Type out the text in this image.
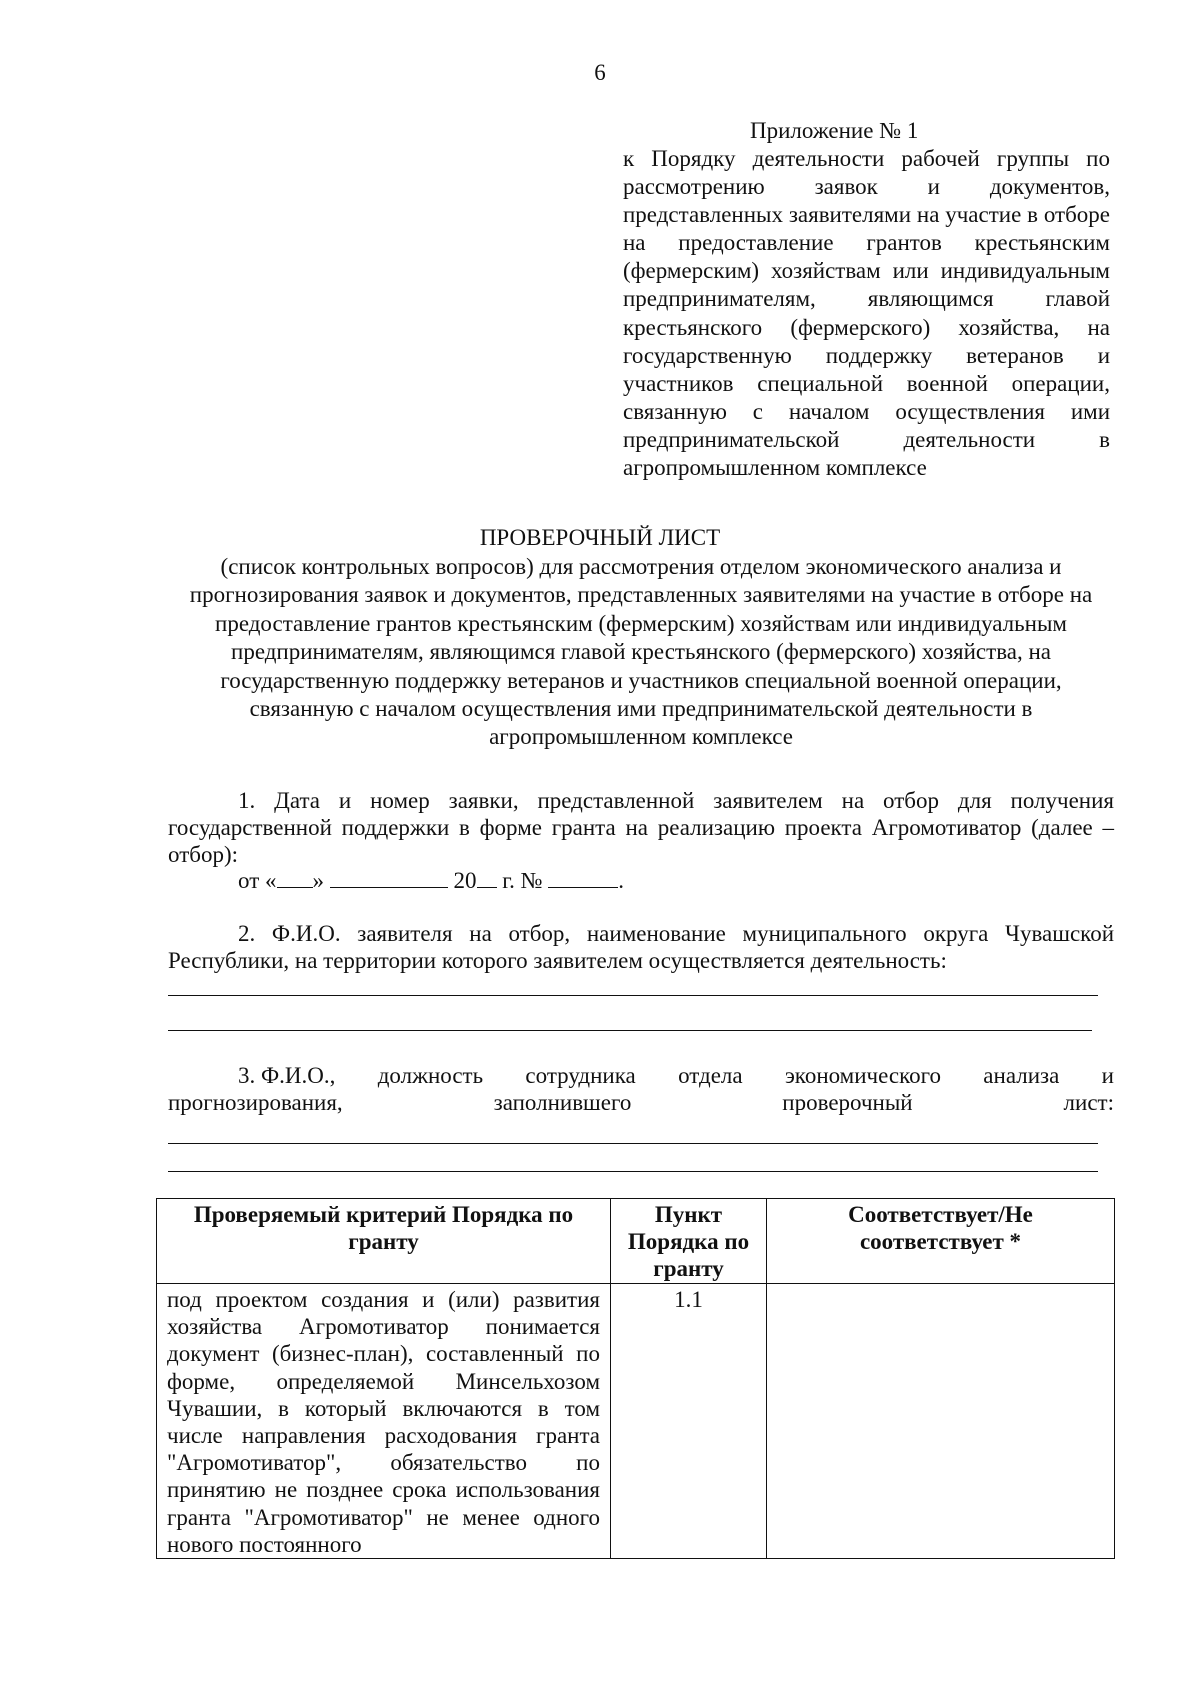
6
Приложение № 1
к Порядку деятельности рабочей группы по рассмотрению заявок и документов, представленных заявителями на участие в отборе на предоставление грантов крестьянским (фермерским) хозяйствам или индивидуальным предпринимателям, являющимся главой крестьянского (фермерского) хозяйства, на государственную поддержку ветеранов и участников специальной военной операции, связанную с началом осуществления ими предпринимательской деятельности в агропромышленном комплексе
ПРОВЕРОЧНЫЙ ЛИСТ
(список контрольных вопросов) для рассмотрения отделом экономического анализа и прогнозирования заявок и документов, представленных заявителями на участие в отборе на предоставление грантов крестьянским (фермерским) хозяйствам или индивидуальным предпринимателям, являющимся главой крестьянского (фермерского) хозяйства, на государственную поддержку ветеранов и участников специальной военной операции, связанную с началом осуществления ими предпринимательской деятельности в агропромышленном комплексе
1. Дата и номер заявки, представленной заявителем на отбор для получения государственной поддержки в форме гранта на реализацию проекта Агромотиватор (далее – отбор):
от « »	20 г. №	.
2. Ф.И.О. заявителя на отбор, наименование муниципального округа Чувашской Республики, на территории которого заявителем осуществляется деятельность:
3. Ф.И.О., должность сотрудника отдела экономического анализа и
прогнозирования,	заполнившего	проверочный	лист:
Проверяемый критерий Порядка по гранту	Пункт Порядка по гранту	Соответствует/Не соответствует *
под проектом создания и (или) развития хозяйства Агромотиватор понимается документ (бизнес-план), составленный по форме, определяемой Минсельхозом Чувашии, в который включаются в том числе направления расходования гранта "Агромотиватор", обязательство по принятию не позднее срока использования гранта "Агромотиватор" не менее одного нового постоянного	1.1	
